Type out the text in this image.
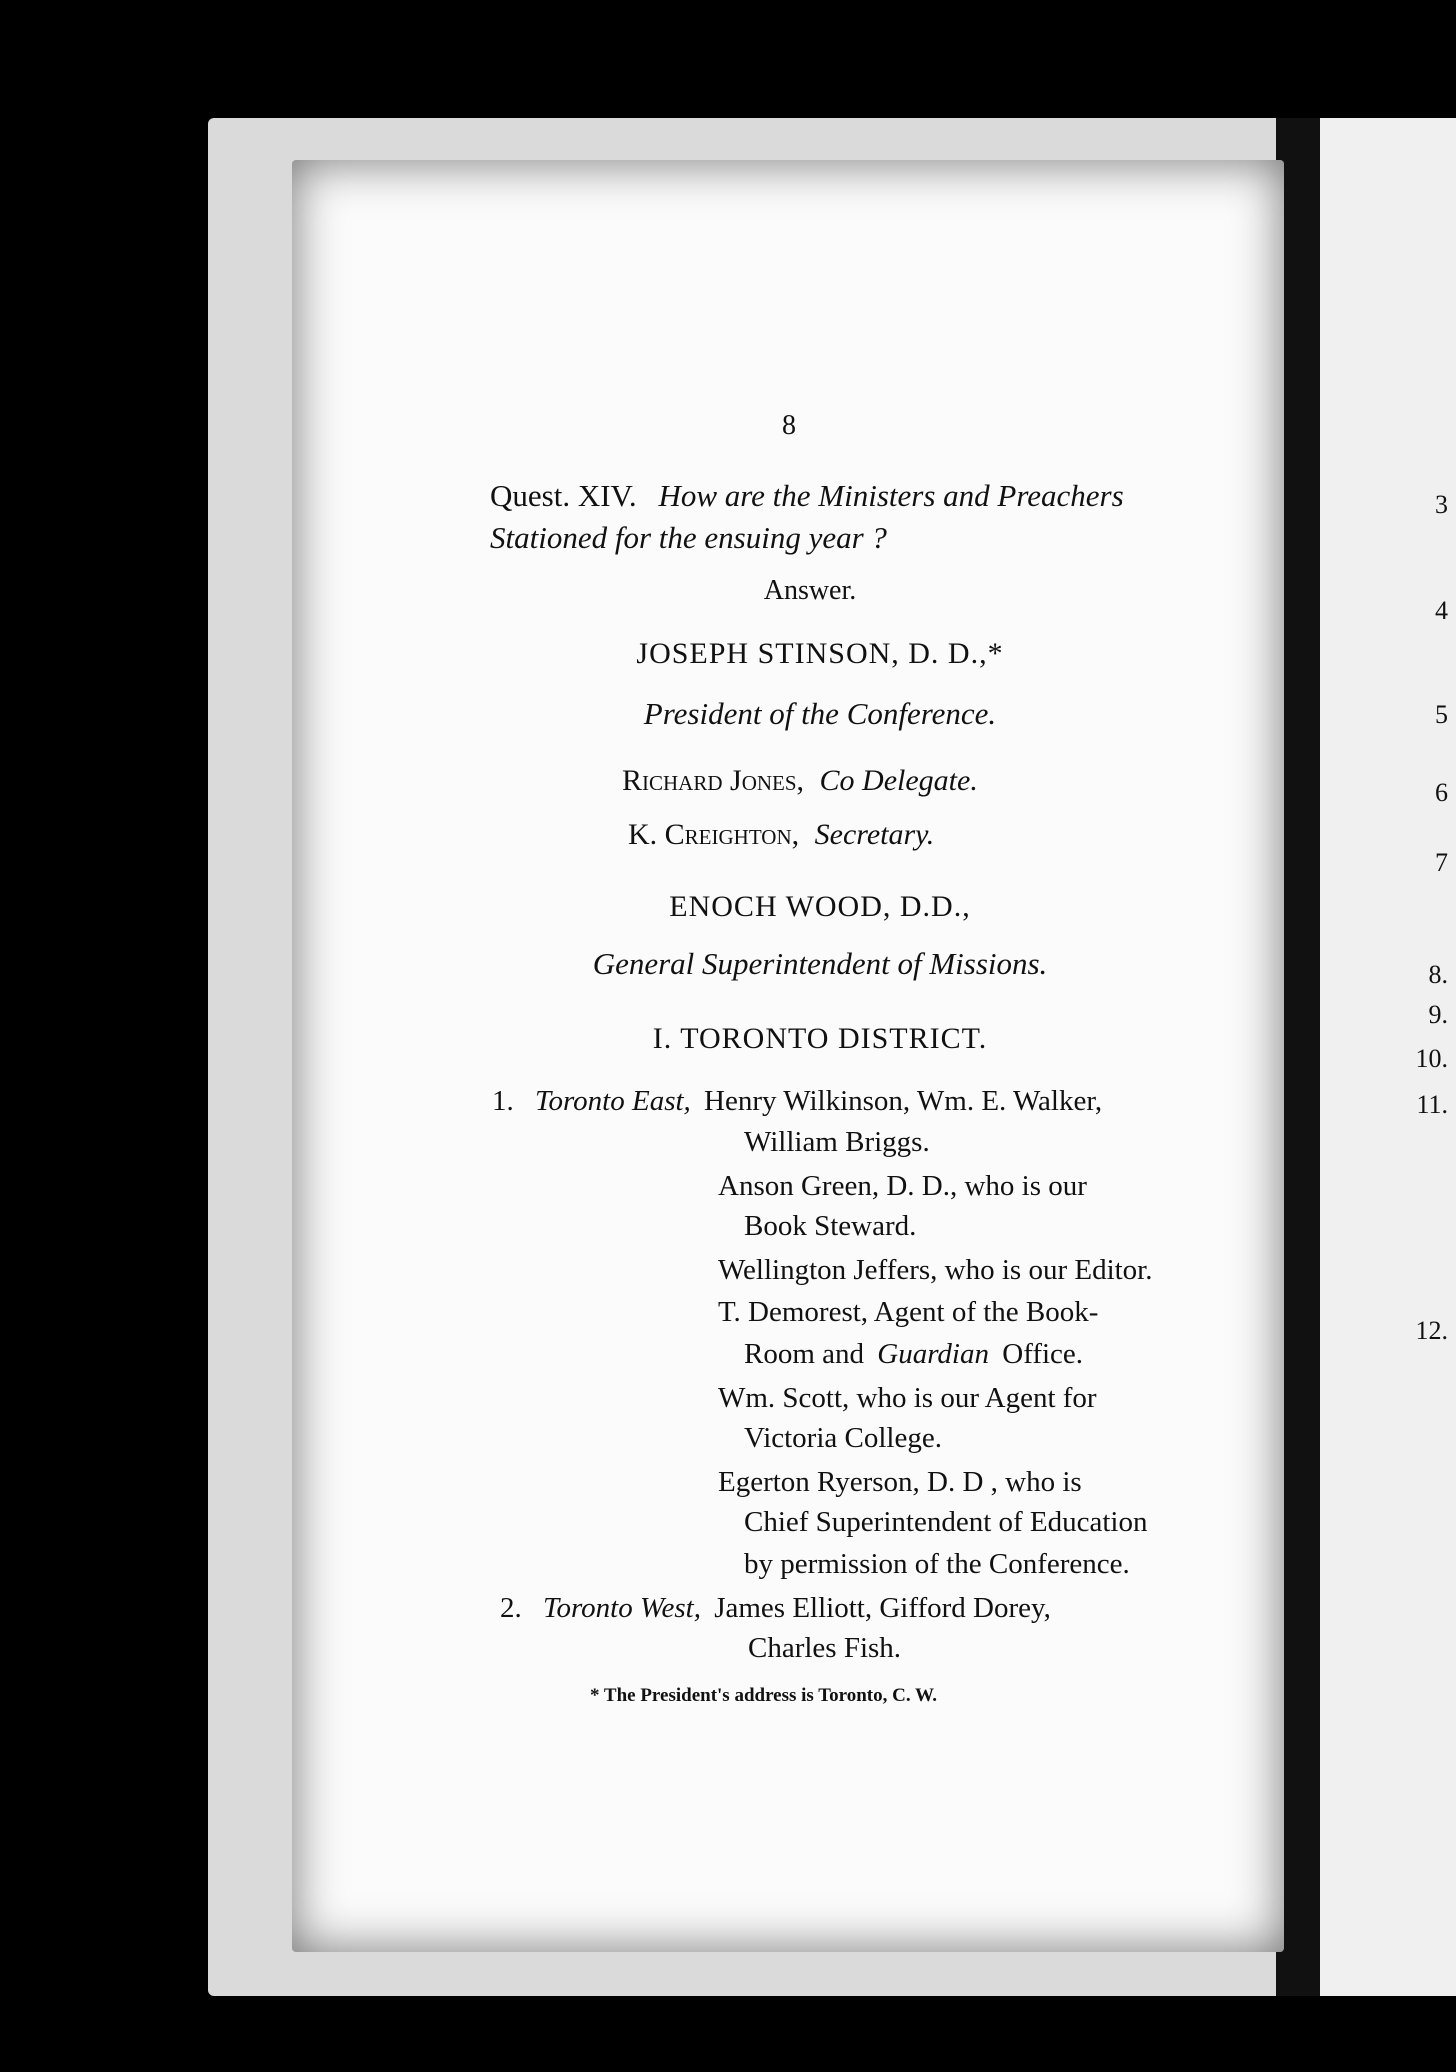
3
4
5
6
7
8.
9.
10.
11.
12.
8
Quest. XIV. How are the Ministers and Preachers
Stationed for the ensuing year ?
Answer.
JOSEPH STINSON, D. D.,*
President of the Conference.
Richard Jones, Co Delegate.
K. Creighton, Secretary.
ENOCH WOOD, D.D.,
General Superintendent of Missions.
I. TORONTO DISTRICT.
1. Toronto East, Henry Wilkinson, Wm. E. Walker,
William Briggs.
Anson Green, D. D., who is our
Book Steward.
Wellington Jeffers, who is our Editor.
T. Demorest, Agent of the Book-
Room and Guardian Office.
Wm. Scott, who is our Agent for
Victoria College.
Egerton Ryerson, D. D , who is
Chief Superintendent of Education
by permission of the Conference.
2. Toronto West, James Elliott, Gifford Dorey,
Charles Fish.
* The President's address is Toronto, C. W.
